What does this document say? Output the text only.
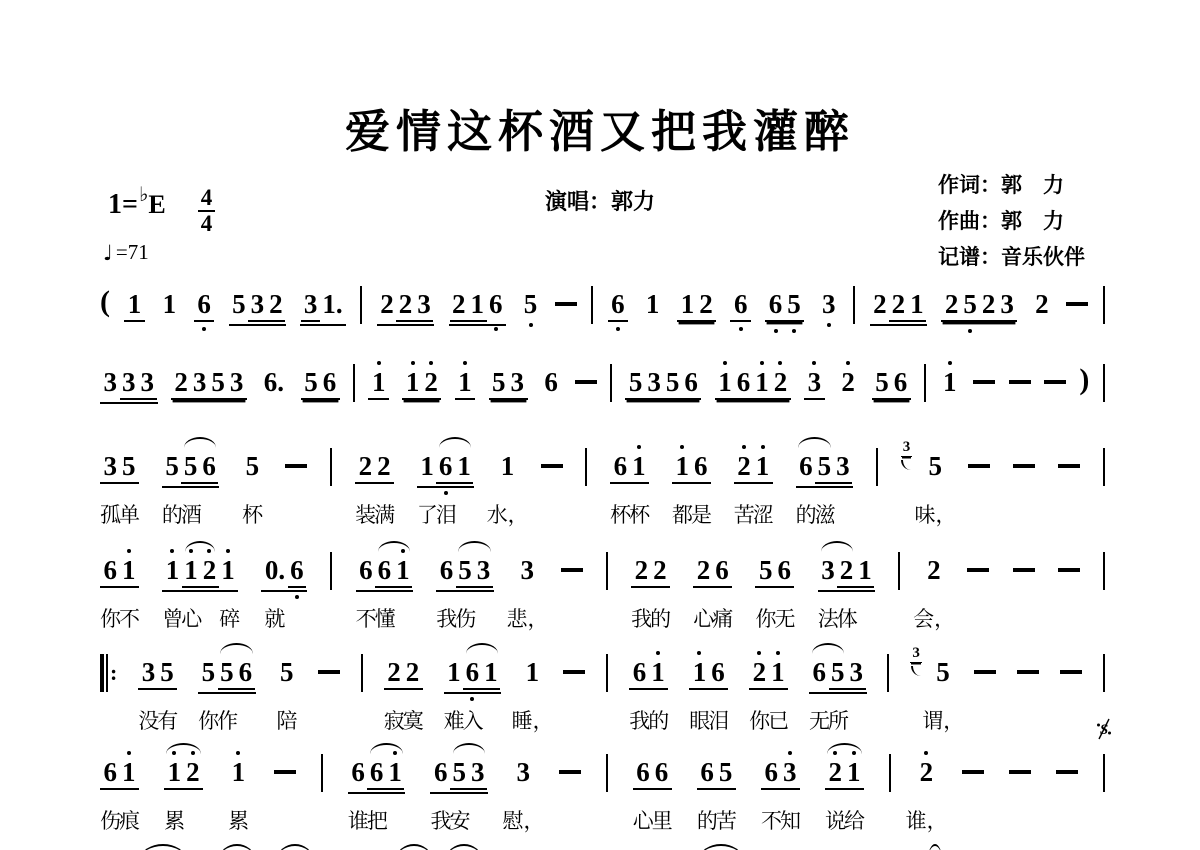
爱情这杯酒又把我灌醉
演唱：郭力
作词：郭　力
作曲：郭　力
记谱：音乐伙伴
1= ♭ E $\frac{4}{4}$
♩ =71
( 1 1 6 5 3 2 3 1. 2 2 3 2 1 6 5	6 1 1 2 6 6 5 3 2 2 1 2 5 2 3 2
3 3 3 2 3 5 3 6. 5 6 1 1 2 1 5 3 6	5 3 5 6 1 6 1 2 3 2 5 6 1	)
3 5
孤
单
5 5 6
的
酒
5
杯
2 2
装
满
1 6 1
了
泪
1
水，
6 1
杯
杯
1 6
都
是
2 1
苦
涩
6 5 3
的
滋
3
5
味，
6 1
你
不
1 1 2 1
曾
心 碎
0. 6
就
6 6 1
不
懂
6 5 3
我
伤
3
悲，
2 2
我
的
2 6
心
痛
5 6
你
无
3 2 1
法
体
2
会，
: 3 5
没
有
5 5 6
你
作
5
陪
2 2
寂
寞
1 6 1
难
入
1
睡，
6 1
我
的
1 6
眼
泪
2 1
你
已
6 5 3
无
所
3
5
谓，
6 1
伤
痕
1 2
累
1
累
6 6 1
谁
把
6 5 3
我
安
3
慰，
6 6
心
里
6 5
的
苦
6 3
不
知
2 1
说
给
2
谁，
S
